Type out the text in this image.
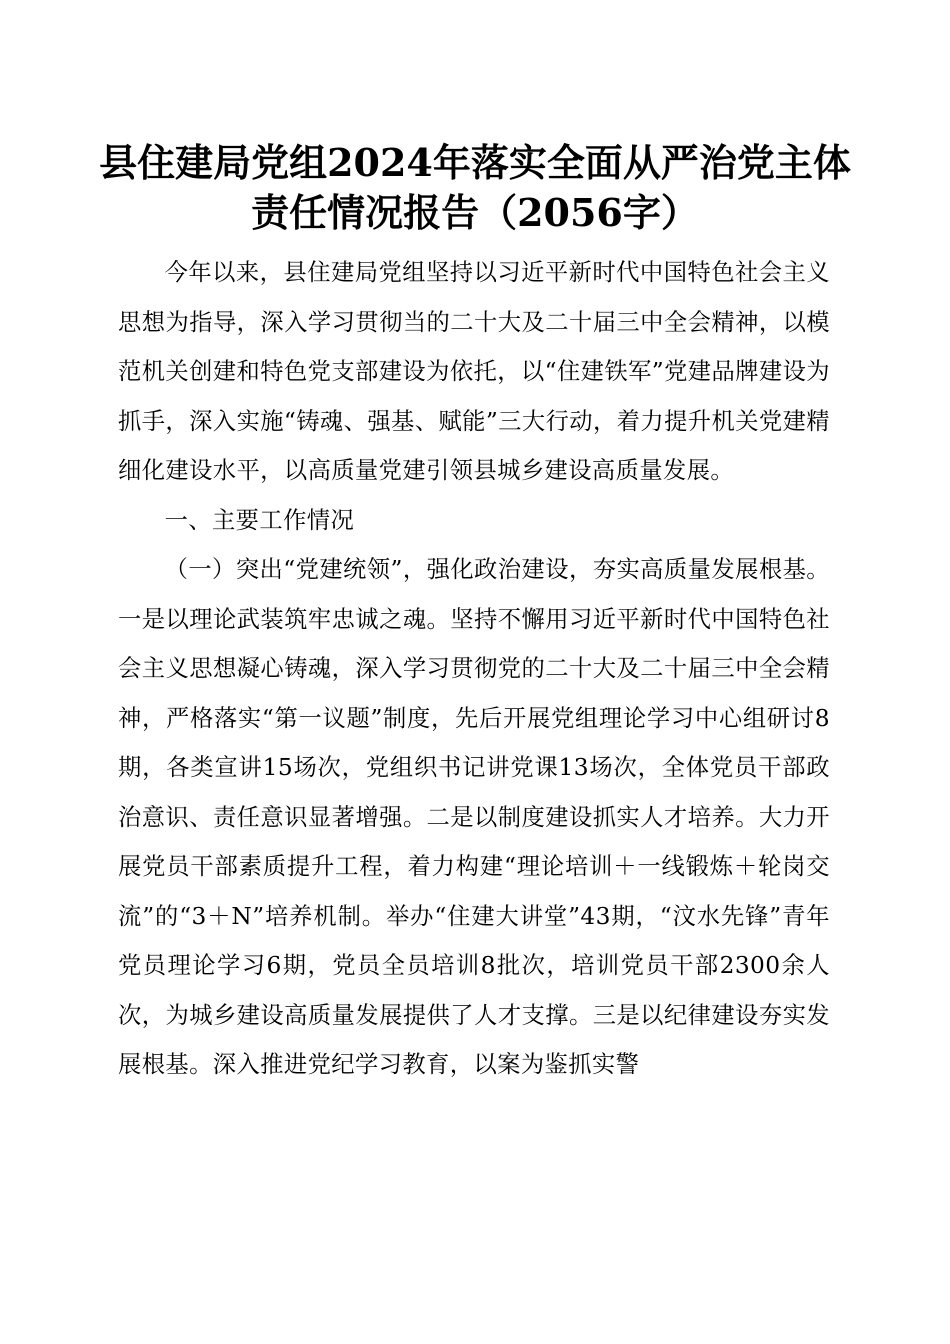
县住建局党组2024年落实全面从严治党主体
责任情况报告（2056字）

今年以来，县住建局党组坚持以习近平新时代中国特色社会主义思想为指导，深入学习贯彻当的二十大及二十届三中全会精神，以模范机关创建和特色党支部建设为依托，以“住建铁军”党建品牌建设为抓手，深入实施“铸魂、强基、赋能”三大行动，着力提升机关党建精细化建设水平，以高质量党建引领县城乡建设高质量发展。

一、主要工作情况

（一）突出“党建统领”，强化政治建设，夯实高质量发展根基。一是以理论武装筑牢忠诚之魂。坚持不懈用习近平新时代中国特色社会主义思想凝心铸魂，深入学习贯彻党的二十大及二十届三中全会精神，严格落实“第一议题”制度，先后开展党组理论学习中心组研讨8期，各类宣讲15场次，党组织书记讲党课13场次，全体党员干部政治意识、责任意识显著增强。二是以制度建设抓实人才培养。大力开展党员干部素质提升工程，着力构建“理论培训＋一线锻炼＋轮岗交流”的“3＋N”培养机制。举办“住建大讲堂”43期，“汶水先锋”青年党员理论学习6期，党员全员培训8批次，培训党员干部2300余人次，为城乡建设高质量发展提供了人才支撑。三是以纪律建设夯实发展根基。深入推进党纪学习教育，以案为鉴抓实警
